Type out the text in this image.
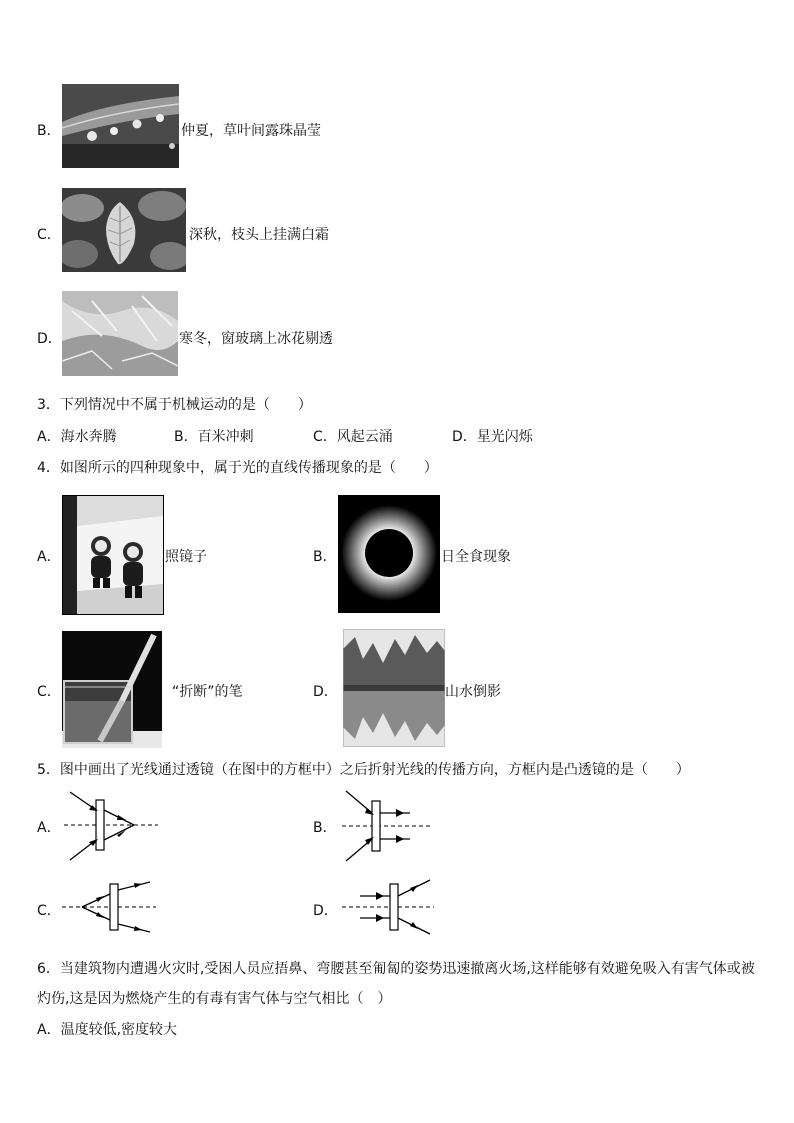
B．	仲夏，草叶间露珠晶莹
C．	深秋，枝头上挂满白霜
D．	寒冬，窗玻璃上冰花剔透
3．下列情况中不属于机械运动的是（　　）
A．海水奔腾	B．百米冲刺	C．风起云涌	D．星光闪烁
4．如图所示的四种现象中，属于光的直线传播现象的是（　　）
A．	照镜子	B．	日全食现象
C．	“折断”的笔	D．	山水倒影
5．图中画出了光线通过透镜（在图中的方框中）之后折射光线的传播方向，方框内是凸透镜的是（　　）
A．	B．
C．	D．
6．当建筑物内遭遇火灾时,受困人员应捂鼻、弯腰甚至匍匐的姿势迅速撤离火场,这样能够有效避免吸入有害气体或被
灼伤,这是因为燃烧产生的有毒有害气体与空气相比（　）
A．温度较低,密度较大
